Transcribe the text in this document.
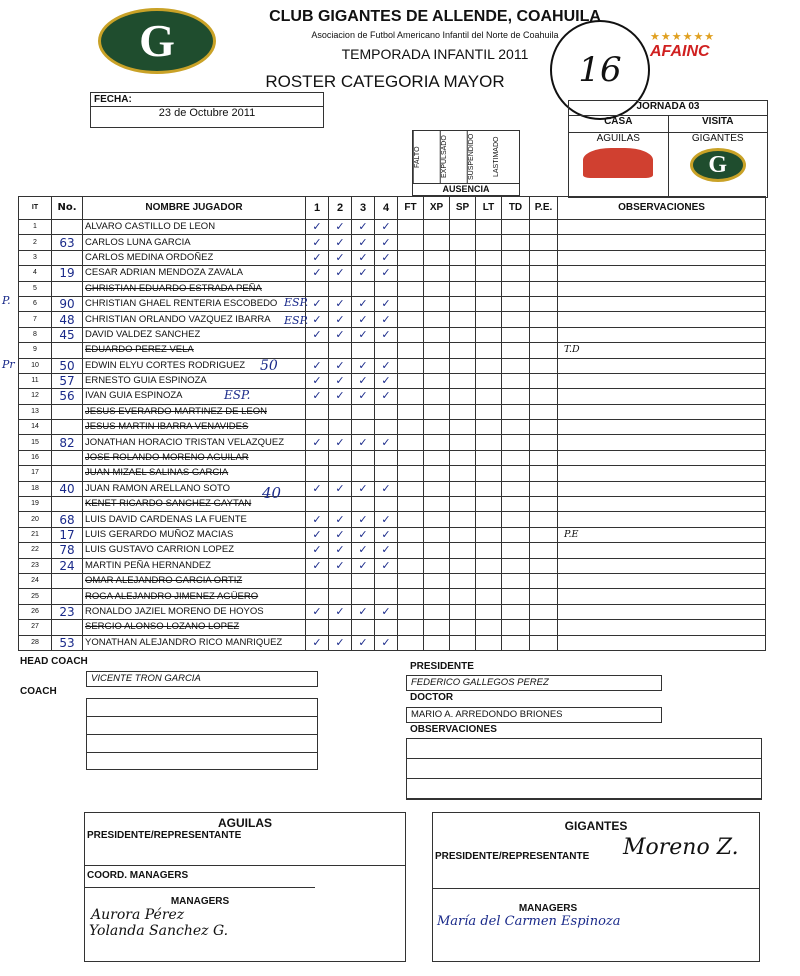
G	CLUB GIGANTES DE ALLENDE, COAHUILA
Asociacion de Futbol Americano Infantil del Norte de Coahuila
TEMPORADA INFANTIL 2011
ROSTER CATEGORIA MAYOR	16
★★★★★★
AFAINC
FECHA:
23 de Octubre 2011
JORNADA 03
CASA	VISITA
AGUILAS	GIGANTES
G
FALTO	EXPULSADO	SUSPENDIDO	LASTIMADO
AUSENCIA
IT	No.	NOMBRE JUGADOR	1	2	3	4	FT	XP	SP	LT	TD	P.E.	OBSERVACIONES
1		ALVARO CASTILLO DE LEON	✓	✓	✓	✓							
2	63	CARLOS LUNA GARCIA	✓	✓	✓	✓							
3		CARLOS MEDINA ORDOÑEZ	✓	✓	✓	✓							
4	19	CESAR ADRIAN MENDOZA ZAVALA	✓	✓	✓	✓							
5		CHRISTIAN EDUARDO ESTRADA PEÑA											
6	90	CHRISTIAN GHAEL RENTERIA ESCOBEDO	✓	✓	✓	✓							
7	48	CHRISTIAN ORLANDO VAZQUEZ IBARRA	✓	✓	✓	✓							
8	45	DAVID VALDEZ SANCHEZ	✓	✓	✓	✓							
9		EDUARDO PEREZ VELA											T.D
10	50	EDWIN ELYU CORTES RODRIGUEZ	✓	✓	✓	✓							
11	57	ERNESTO GUIA ESPINOZA	✓	✓	✓	✓							
12	56	IVAN GUIA ESPINOZA	✓	✓	✓	✓							
13		JESUS EVERARDO MARTINEZ DE LEON											
14		JESUS MARTIN IBARRA VENAVIDES											
15	82	JONATHAN HORACIO TRISTAN VELAZQUEZ	✓	✓	✓	✓							
16		JOSE ROLANDO MORENO AGUILAR											
17		JUAN MIZAEL SALINAS GARCIA											
18	40	JUAN RAMON ARELLANO SOTO	✓	✓	✓	✓							
19		KENET RICARDO SANCHEZ GAYTAN											
20	68	LUIS DAVID CARDENAS LA FUENTE	✓	✓	✓	✓							
21	17	LUIS GERARDO MUÑOZ MACIAS	✓	✓	✓	✓							P.E
22	78	LUIS GUSTAVO CARRION LOPEZ	✓	✓	✓	✓							
23	24	MARTIN PEÑA HERNANDEZ	✓	✓	✓	✓							
24		OMAR ALEJANDRO GARCIA ORTIZ											
25		ROGA ALEJANDRO JIMENEZ AGÜERO											
26	23	RONALDO JAZIEL MORENO DE HOYOS	✓	✓	✓	✓							
27		SERGIO ALONSO LOZANO LOPEZ											
28	53	YONATHAN ALEJANDRO RICO MANRIQUEZ	✓	✓	✓	✓							
ESP.
ESP.
ESP.
50
40
P.
Pr
HEAD COACH
VICENTE TRON GARCIA
COACH
PRESIDENTE
FEDERICO GALLEGOS PEREZ
DOCTOR
MARIO A. ARREDONDO BRIONES
OBSERVACIONES
AGUILAS
PRESIDENTE/REPRESENTANTE
COORD. MANAGERS
MANAGERS
Aurora Pérez
Yolanda Sanchez G.
GIGANTES
PRESIDENTE/REPRESENTANTE	Moreno Z.
MANAGERS
María del Carmen Espinoza
